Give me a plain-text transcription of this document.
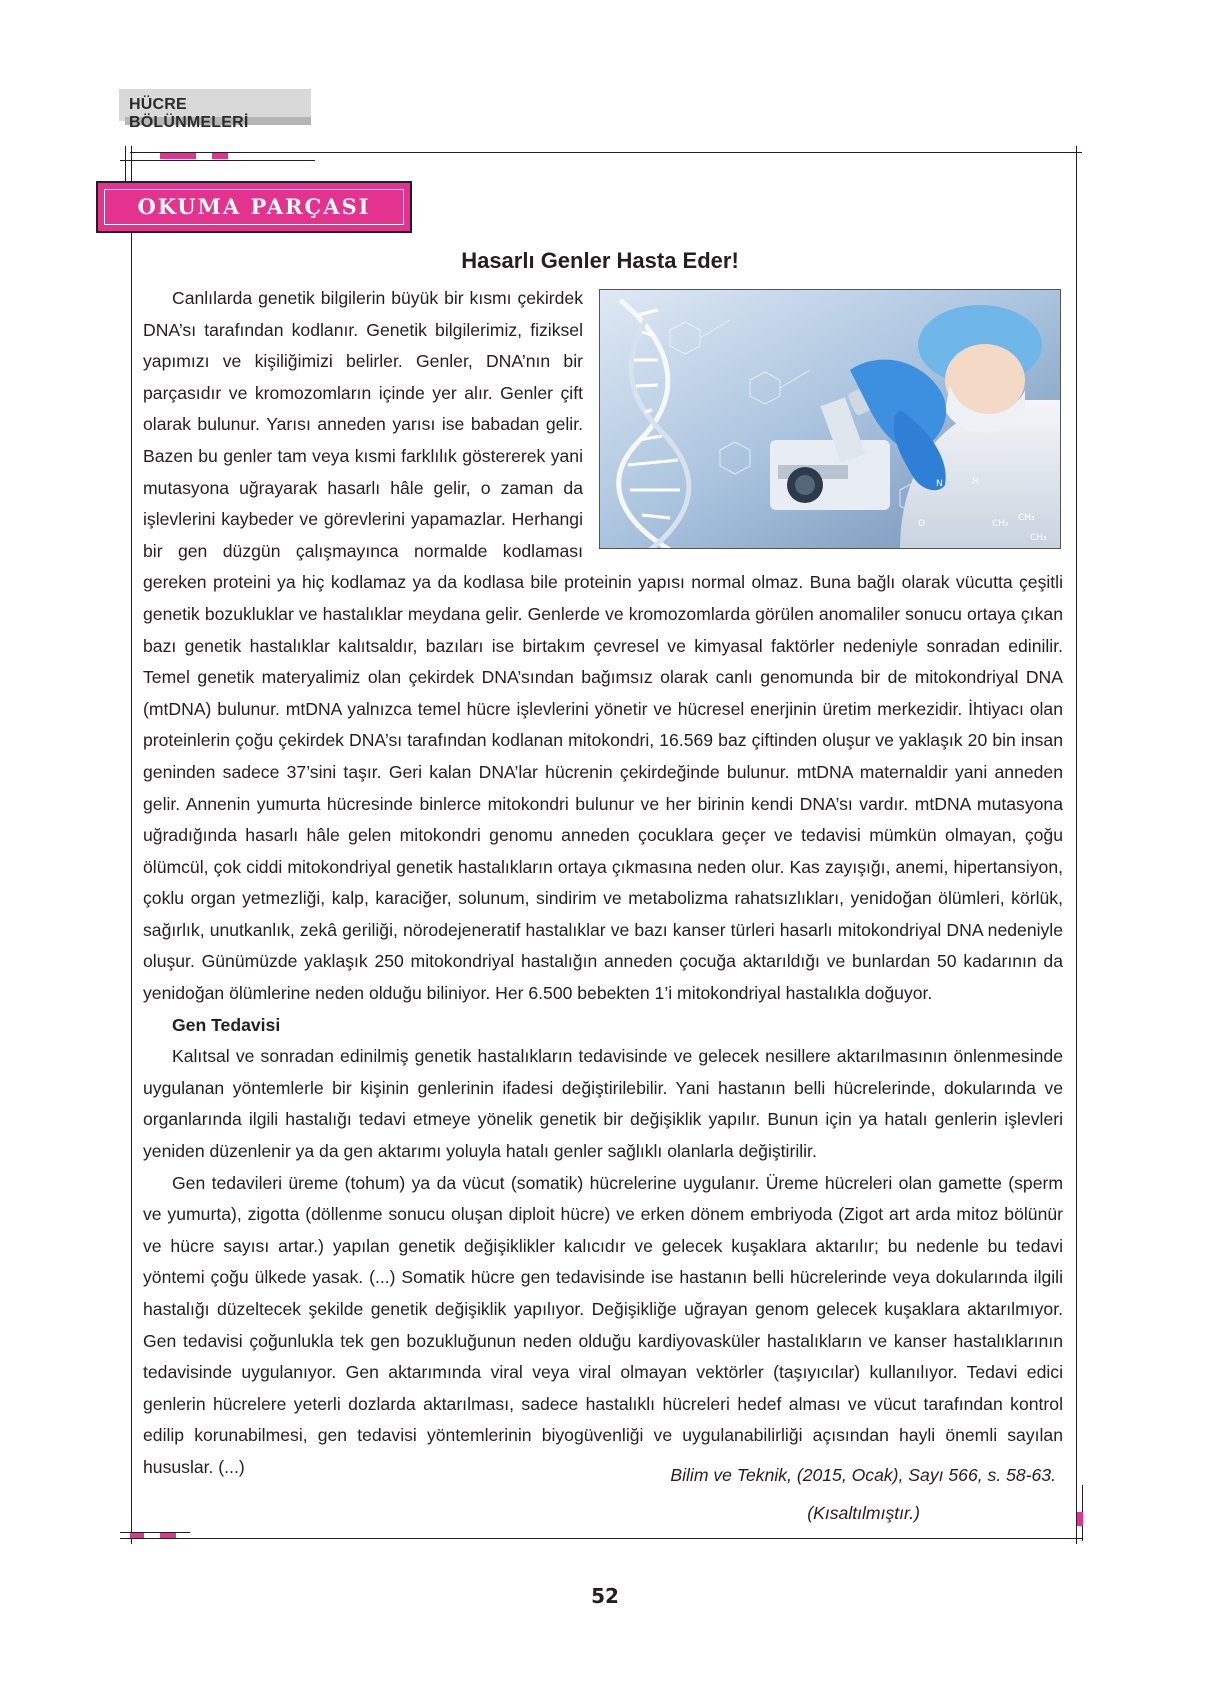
HÜCRE BÖLÜNMELERİ
OKUMA PARÇASI
Hasarlı Genler Hasta Eder!
CH₃
CH₃
CH₂
N	H
O

Canlılarda genetik bilgilerin büyük bir kısmı çekirdek DNA’sı tarafından kodlanır. Genetik bilgilerimiz, fiziksel yapımızı ve kişiliğimizi belirler. Genler, DNA’nın bir parçasıdır ve kromozomların içinde yer alır. Genler çift olarak bulunur. Yarısı anneden yarısı ise babadan gelir. Bazen bu genler tam veya kısmi farklılık göstererek yani mutasyona uğrayarak hasarlı hâle gelir, o zaman da işlevlerini kaybeder ve görevlerini yapamazlar. Herhangi bir gen düzgün çalışmayınca normalde kodlaması gereken proteini ya hiç kodlamaz ya da kodlasa bile proteinin yapısı normal olmaz. Buna bağlı olarak vücutta çeşitli genetik bozukluklar ve hastalıklar meydana gelir. Genlerde ve kromozomlarda görülen anomaliler sonucu ortaya çıkan bazı genetik hastalıklar kalıtsaldır, bazıları ise birtakım çevresel ve kimyasal faktörler nedeniyle sonradan edinilir. Temel genetik materyalimiz olan çekirdek DNA’sından bağımsız olarak canlı genomunda bir de mitokondriyal DNA (mtDNA) bulunur. mtDNA yalnızca temel hücre işlevlerini yönetir ve hücresel enerjinin üretim merkezidir. İhtiyacı olan proteinlerin çoğu çekirdek DNA’sı tarafından kodlanan mitokondri, 16.569 baz çiftinden oluşur ve yaklaşık 20 bin insan geninden sadece 37’sini taşır. Geri kalan DNA’lar hücrenin çekirdeğinde bulunur. mtDNA maternaldir yani anneden gelir. Annenin yumurta hücresinde binlerce mitokondri bulunur ve her birinin kendi DNA’sı vardır. mtDNA mutasyona uğradığında hasarlı hâle gelen mitokondri genomu anneden çocuklara geçer ve tedavisi mümkün olmayan, çoğu ölümcül, çok ciddi mitokondriyal genetik hastalıkların ortaya çıkmasına neden olur. Kas zayışığı, anemi, hipertansiyon, çoklu organ yetmezliği, kalp, karaciğer, solunum, sindirim ve metabolizma rahatsızlıkları, yenidoğan ölümleri, körlük, sağırlık, unutkanlık, zekâ geriliği, nörodejeneratif hastalıklar ve bazı kanser türleri hasarlı mitokondriyal DNA nedeniyle oluşur. Günümüzde yaklaşık 250 mitokondriyal hastalığın anneden çocuğa aktarıldığı ve bunlardan 50 kadarının da yenidoğan ölümlerine neden olduğu biliniyor. Her 6.500 bebekten 1’i mitokondriyal hastalıkla doğuyor.

Gen Tedavisi

Kalıtsal ve sonradan edinilmiş genetik hastalıkların tedavisinde ve gelecek nesillere aktarılmasının önlenmesinde uygulanan yöntemlerle bir kişinin genlerinin ifadesi değiştirilebilir. Yani hastanın belli hücrelerinde, dokularında ve organlarında ilgili hastalığı tedavi etmeye yönelik genetik bir değişiklik yapılır. Bunun için ya hatalı genlerin işlevleri yeniden düzenlenir ya da gen aktarımı yoluyla hatalı genler sağlıklı olanlarla değiştirilir.

Gen tedavileri üreme (tohum) ya da vücut (somatik) hücrelerine uygulanır. Üreme hücreleri olan gamette (sperm ve yumurta), zigotta (döllenme sonucu oluşan diploit hücre) ve erken dönem embriyoda (Zigot art arda mitoz bölünür ve hücre sayısı artar.) yapılan genetik değişiklikler kalıcıdır ve gelecek kuşaklara aktarılır; bu nedenle bu tedavi yöntemi çoğu ülkede yasak. (...) Somatik hücre gen tedavisinde ise hastanın belli hücrelerinde veya dokularında ilgili hastalığı düzeltecek şekilde genetik değişiklik yapılıyor. Değişikliğe uğrayan genom gelecek kuşaklara aktarılmıyor. Gen tedavisi çoğunlukla tek gen bozukluğunun neden olduğu kardiyovasküler hastalıkların ve kanser hastalıklarının tedavisinde uygulanıyor. Gen aktarımında viral veya viral olmayan vektörler (taşıyıcılar) kullanılıyor. Tedavi edici genlerin hücrelere yeterli dozlarda aktarılması, sadece hastalıklı hücreleri hedef alması ve vücut tarafından kontrol edilip korunabilmesi, gen tedavisi yöntemlerinin biyogüvenliği ve uygulanabilirliği açısından hayli önemli sayılan hususlar. (...)	Bilim ve Teknik, (2015, Ocak), Sayı 566, s. 58-63.
(Kısaltılmıştır.)
52
